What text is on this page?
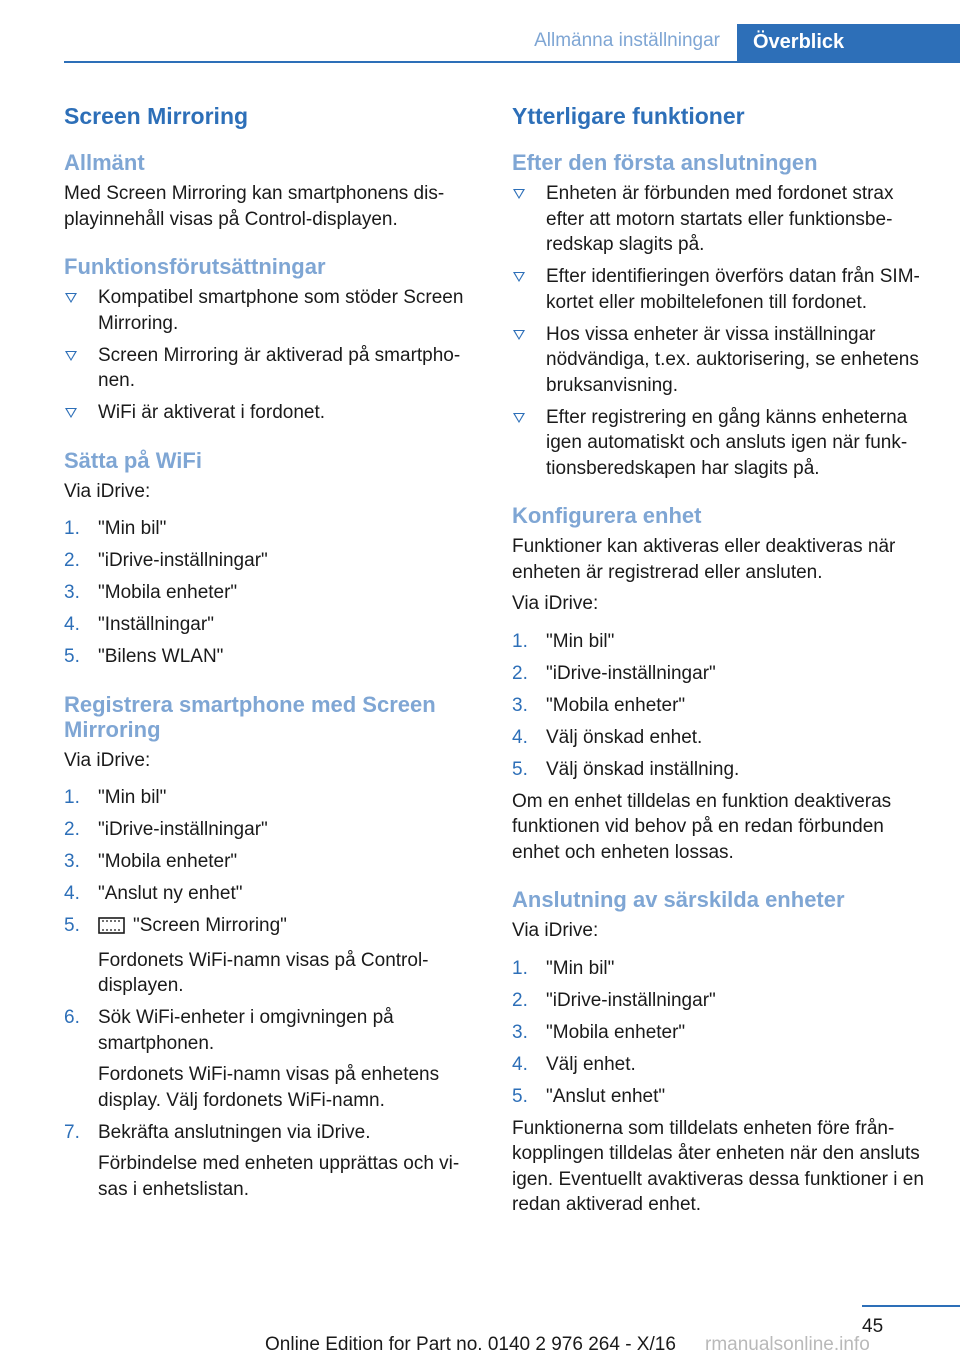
Allmänna inställningar	Överblick
Screen Mirroring
Allmänt

Med Screen Mirroring kan smartphonens displayinnehåll visas på Control-displayen.

Funktionsförutsättningar
Kompatibel smartphone som stöder Screen Mirroring.
Screen Mirroring är aktiverad på smartphonen.
WiFi är aktiverat i fordonet.
Sätta på WiFi

Via iDrive:

1. "Min bil"
2. "iDrive-inställningar"
3. "Mobila enheter"
4. "Inställningar"
5. "Bilens WLAN"
Registrera smartphone med Screen Mirroring

Via iDrive:

1. "Min bil"
2. "iDrive-inställningar"
3. "Mobila enheter"
4. "Anslut ny enhet"
5.	"Screen Mirroring"
Fordonets WiFi-namn visas på Controldisplayen.
6. Sök WiFi-enheter i omgivningen på smartphonen.
Fordonets WiFi-namn visas på enhetens display. Välj fordonets WiFi-namn.
7. Bekräfta anslutningen via iDrive.
Förbindelse med enheten upprättas och visas i enhetslistan.
Ytterligare funktioner
Efter den första anslutningen
Enheten är förbunden med fordonet strax efter att motorn startats eller funktionsberedskap slagits på.
Efter identifieringen överförs datan från SIM-kortet eller mobiltelefonen till fordonet.
Hos vissa enheter är vissa inställningar nödvändiga, t.ex. auktorisering, se enhetens bruksanvisning.
Efter registrering en gång känns enheterna igen automatiskt och ansluts igen när funktionsberedskapen har slagits på.
Konfigurera enhet

Funktioner kan aktiveras eller deaktiveras när enheten är registrerad eller ansluten.

Via iDrive:

1. "Min bil"
2. "iDrive-inställningar"
3. "Mobila enheter"
4. Välj önskad enhet.
5. Välj önskad inställning.

Om en enhet tilldelas en funktion deaktiveras funktionen vid behov på en redan förbunden enhet och enheten lossas.

Anslutning av särskilda enheter

Via iDrive:

1. "Min bil"
2. "iDrive-inställningar"
3. "Mobila enheter"
4. Välj enhet.
5. "Anslut enhet"

Funktionerna som tilldelats enheten före frånkopplingen tilldelas åter enheten när den ansluts igen. Eventuellt avaktiveras dessa funktioner i en redan aktiverad enhet.

45
Online Edition for Part no. 0140 2 976 264 - X/16 rmanualsonline.info
